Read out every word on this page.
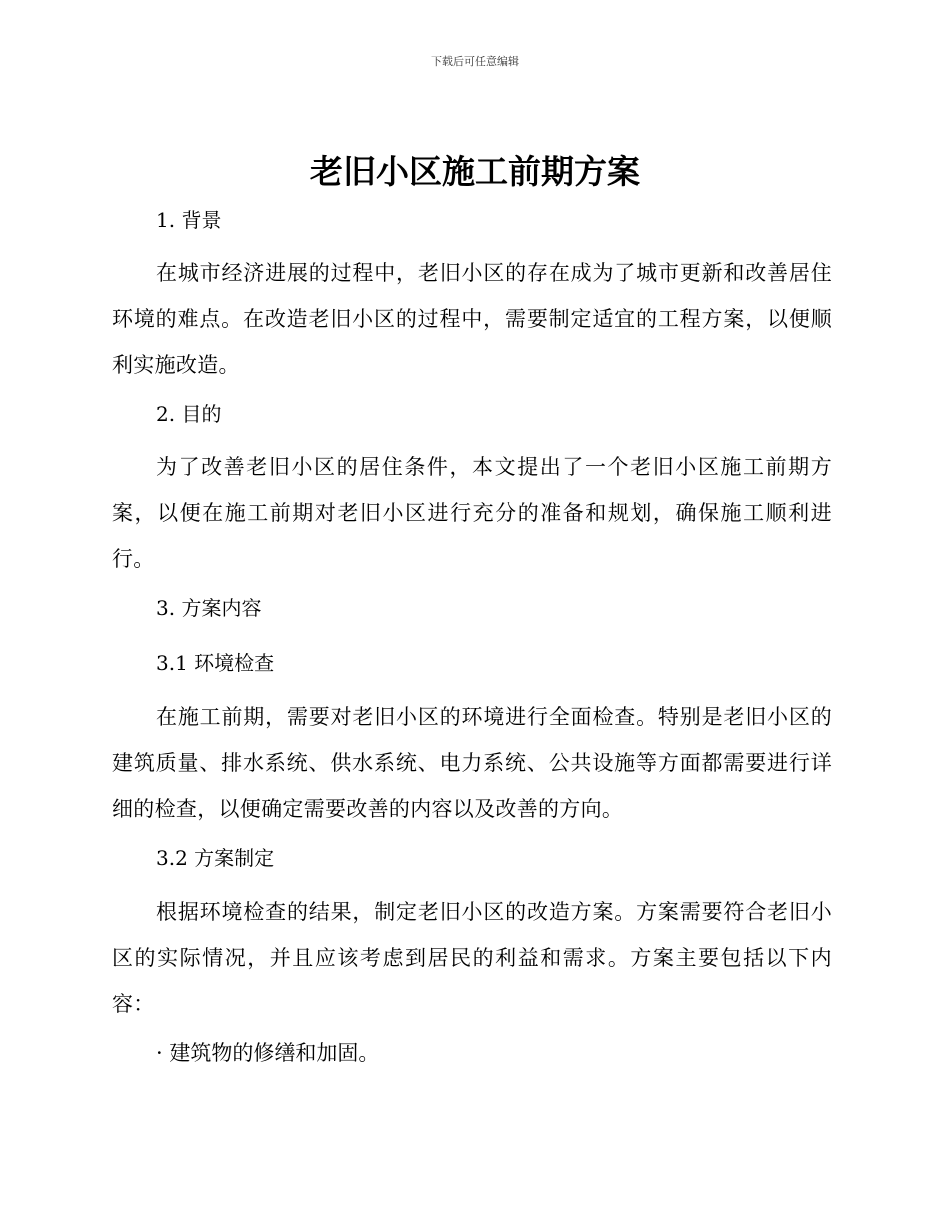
下载后可任意编辑
老旧小区施工前期方案
1. 背景
在城市经济进展的过程中，老旧小区的存在成为了城市更新和改善居住环境的难点。在改造老旧小区的过程中，需要制定适宜的工程方案，以便顺利实施改造。
2. 目的
为了改善老旧小区的居住条件，本文提出了一个老旧小区施工前期方案，以便在施工前期对老旧小区进行充分的准备和规划，确保施工顺利进行。
3. 方案内容
3.1 环境检查
在施工前期，需要对老旧小区的环境进行全面检查。特别是老旧小区的建筑质量、排水系统、供水系统、电力系统、公共设施等方面都需要进行详细的检查，以便确定需要改善的内容以及改善的方向。
3.2 方案制定
根据环境检查的结果，制定老旧小区的改造方案。方案需要符合老旧小区的实际情况，并且应该考虑到居民的利益和需求。方案主要包括以下内容：
· 建筑物的修缮和加固。
